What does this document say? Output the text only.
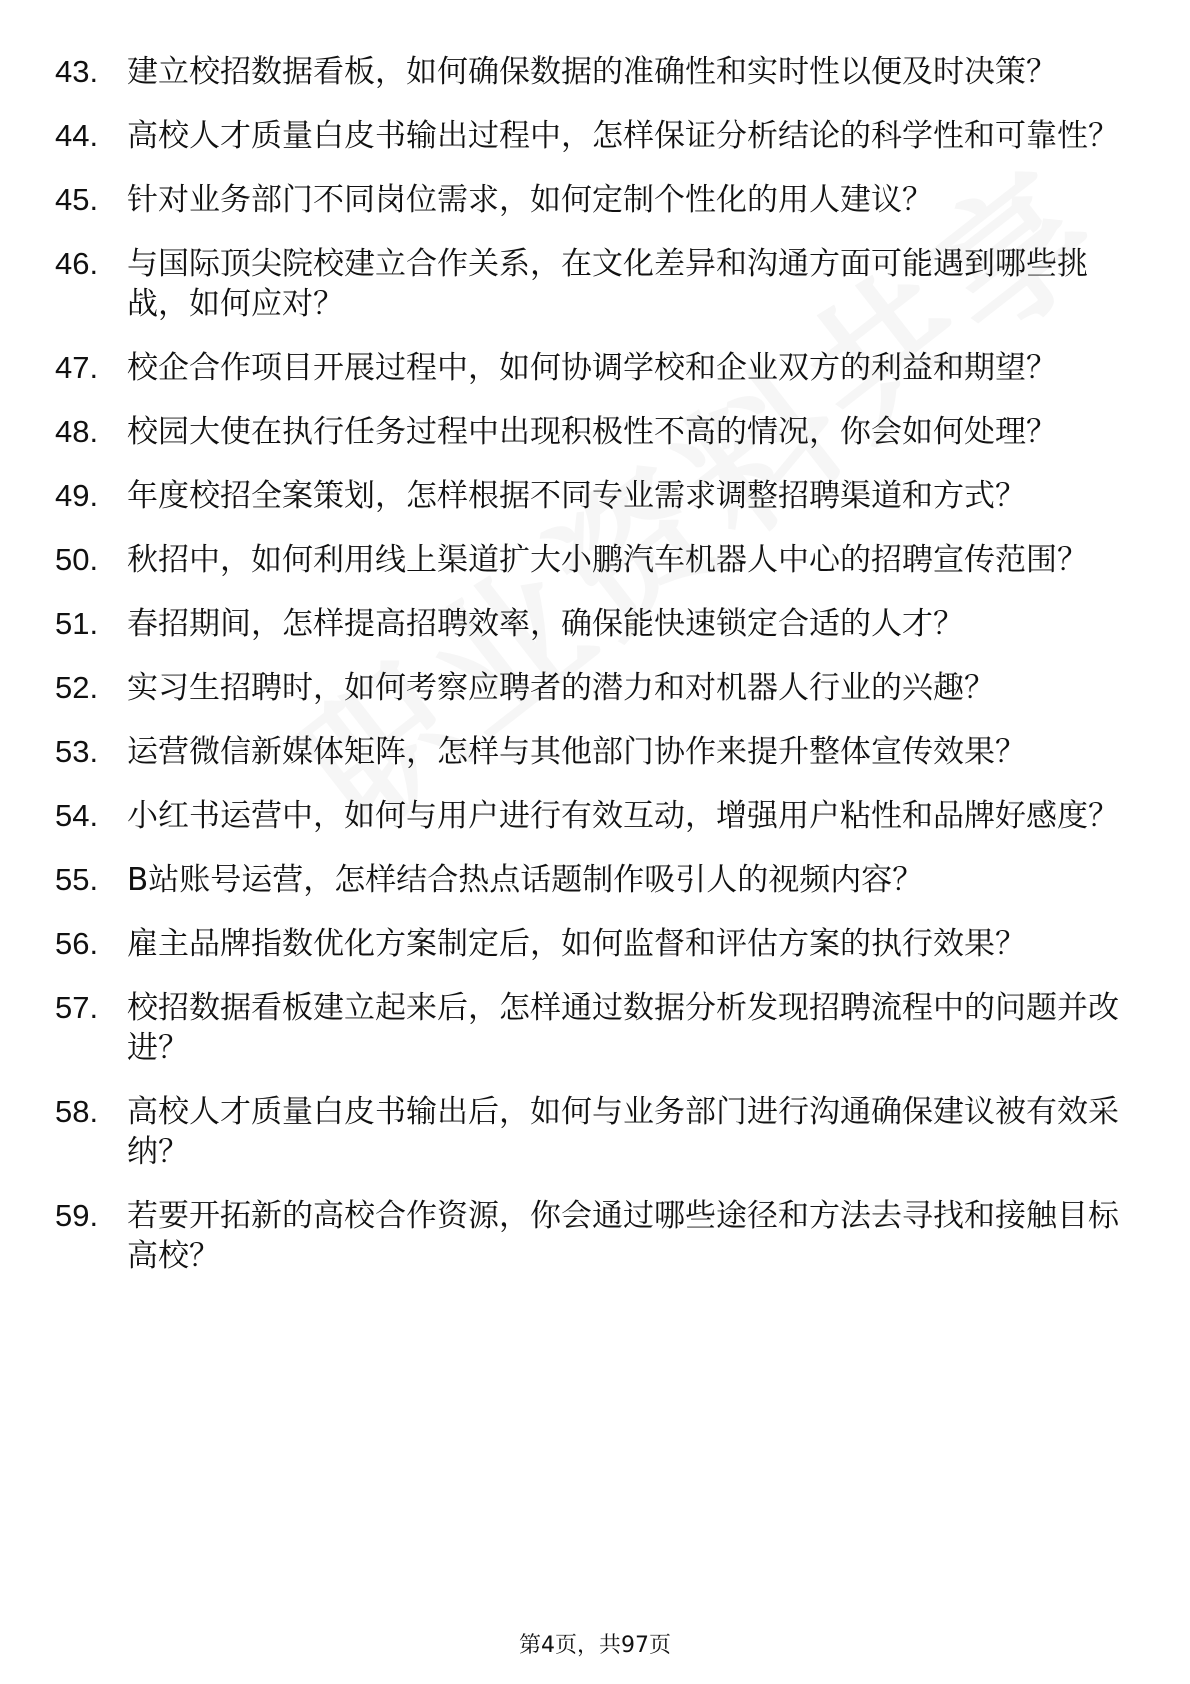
43. 建立校招数据看板，如何确保数据的准确性和实时性以便及时决策？
44. 高校人才质量白皮书输出过程中，怎样保证分析结论的科学性和可靠性？
45. 针对业务部门不同岗位需求，如何定制个性化的用人建议？
46. 与国际顶尖院校建立合作关系，在文化差异和沟通方面可能遇到哪些挑战，如何应对？
47. 校企合作项目开展过程中，如何协调学校和企业双方的利益和期望？
48. 校园大使在执行任务过程中出现积极性不高的情况，你会如何处理？
49. 年度校招全案策划，怎样根据不同专业需求调整招聘渠道和方式？
50. 秋招中，如何利用线上渠道扩大小鹏汽车机器人中心的招聘宣传范围？
51. 春招期间，怎样提高招聘效率，确保能快速锁定合适的人才？
52. 实习生招聘时，如何考察应聘者的潜力和对机器人行业的兴趣？
53. 运营微信新媒体矩阵，怎样与其他部门协作来提升整体宣传效果？
54. 小红书运营中，如何与用户进行有效互动，增强用户粘性和品牌好感度？
55. B站账号运营，怎样结合热点话题制作吸引人的视频内容？
56. 雇主品牌指数优化方案制定后，如何监督和评估方案的执行效果？
57. 校招数据看板建立起来后，怎样通过数据分析发现招聘流程中的问题并改进？
58. 高校人才质量白皮书输出后，如何与业务部门进行沟通确保建议被有效采纳？
59. 若要开拓新的高校合作资源，你会通过哪些途径和方法去寻找和接触目标高校？
第4页，共97页
